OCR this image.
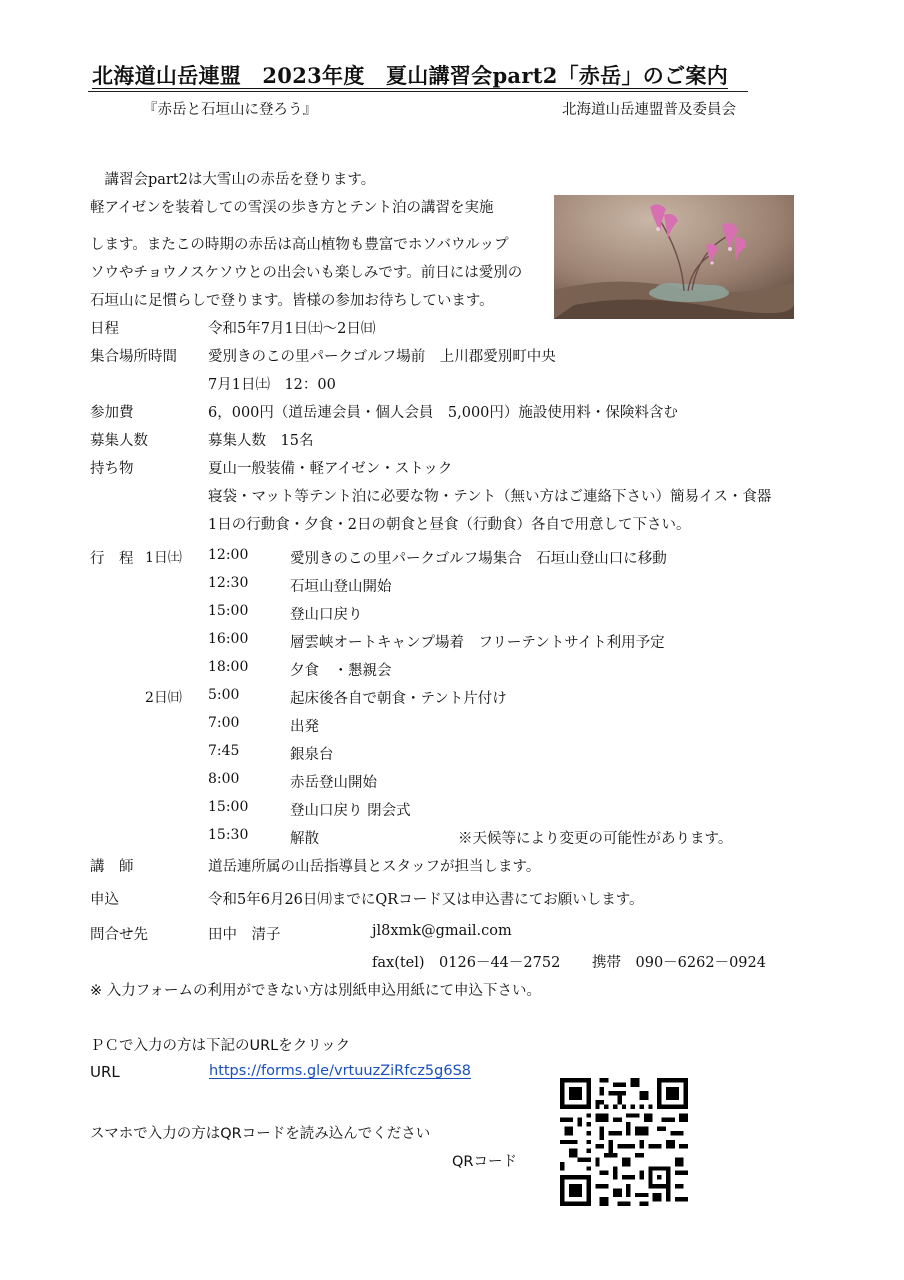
北海道山岳連盟　2023年度　夏山講習会part2「赤岳」のご案内
『赤岳と石垣山に登ろう』	北海道山岳連盟普及委員会
　講習会part2は大雪山の赤岳を登ります。
軽アイゼンを装着しての雪渓の歩き方とテント泊の講習を実施
します。またこの時期の赤岳は高山植物も豊富でホソバウルップ
ソウやチョウノスケソウとの出会いも楽しみです。前日には愛別の
石垣山に足慣らしで登ります。皆様の参加お待ちしています。
日程	令和5年7月1日㈯～2日㈰
集合場所時間 愛別きのこの里パークゴルフ場前　上川郡愛別町中央
7月1日㈯　12：00
参加費	6，000円（道岳連会員・個人会員　5,000円）施設使用料・保険料含む
募集人数	募集人数　15名
持ち物	夏山一般装備・軽アイゼン・ストック
寝袋・マット等テント泊に必要な物・テント（無い方はご連絡下さい）簡易イス・食器
1日の行動食・夕食・2日の朝食と昼食（行動食）各自で用意して下さい。
行　程 1日㈯ 12:00	愛別きのこの里パークゴルフ場集合　石垣山登山口に移動
12:30	石垣山登山開始
15:00	登山口戻り
16:00	層雲峡オートキャンプ場着　フリーテントサイト利用予定
18:00	夕食　・懇親会
2日㈰ 5:00	起床後各自で朝食・テント片付け
7:00	出発
7:45	銀泉台
8:00	赤岳登山開始
15:00	登山口戻り 閉会式
15:30	解散	※天候等により変更の可能性があります。
講　師	道岳連所属の山岳指導員とスタッフが担当します。
申込	令和5年6月26日㈪までにQRコード又は申込書にてお願いします。
問合せ先	田中　清子	jl8xmk@gmail.com
fax(tel)　0126－44－2752 携帯　090－6262－0924
※ 入力フォームの利用ができない方は別紙申込用紙にて申込下さい。
ＰＣで入力の方は下記のURLをクリック
URL	https://forms.gle/vrtuuzZiRfcz5g6S8
スマホで入力の方はQRコードを読み込んでください
QRコード
